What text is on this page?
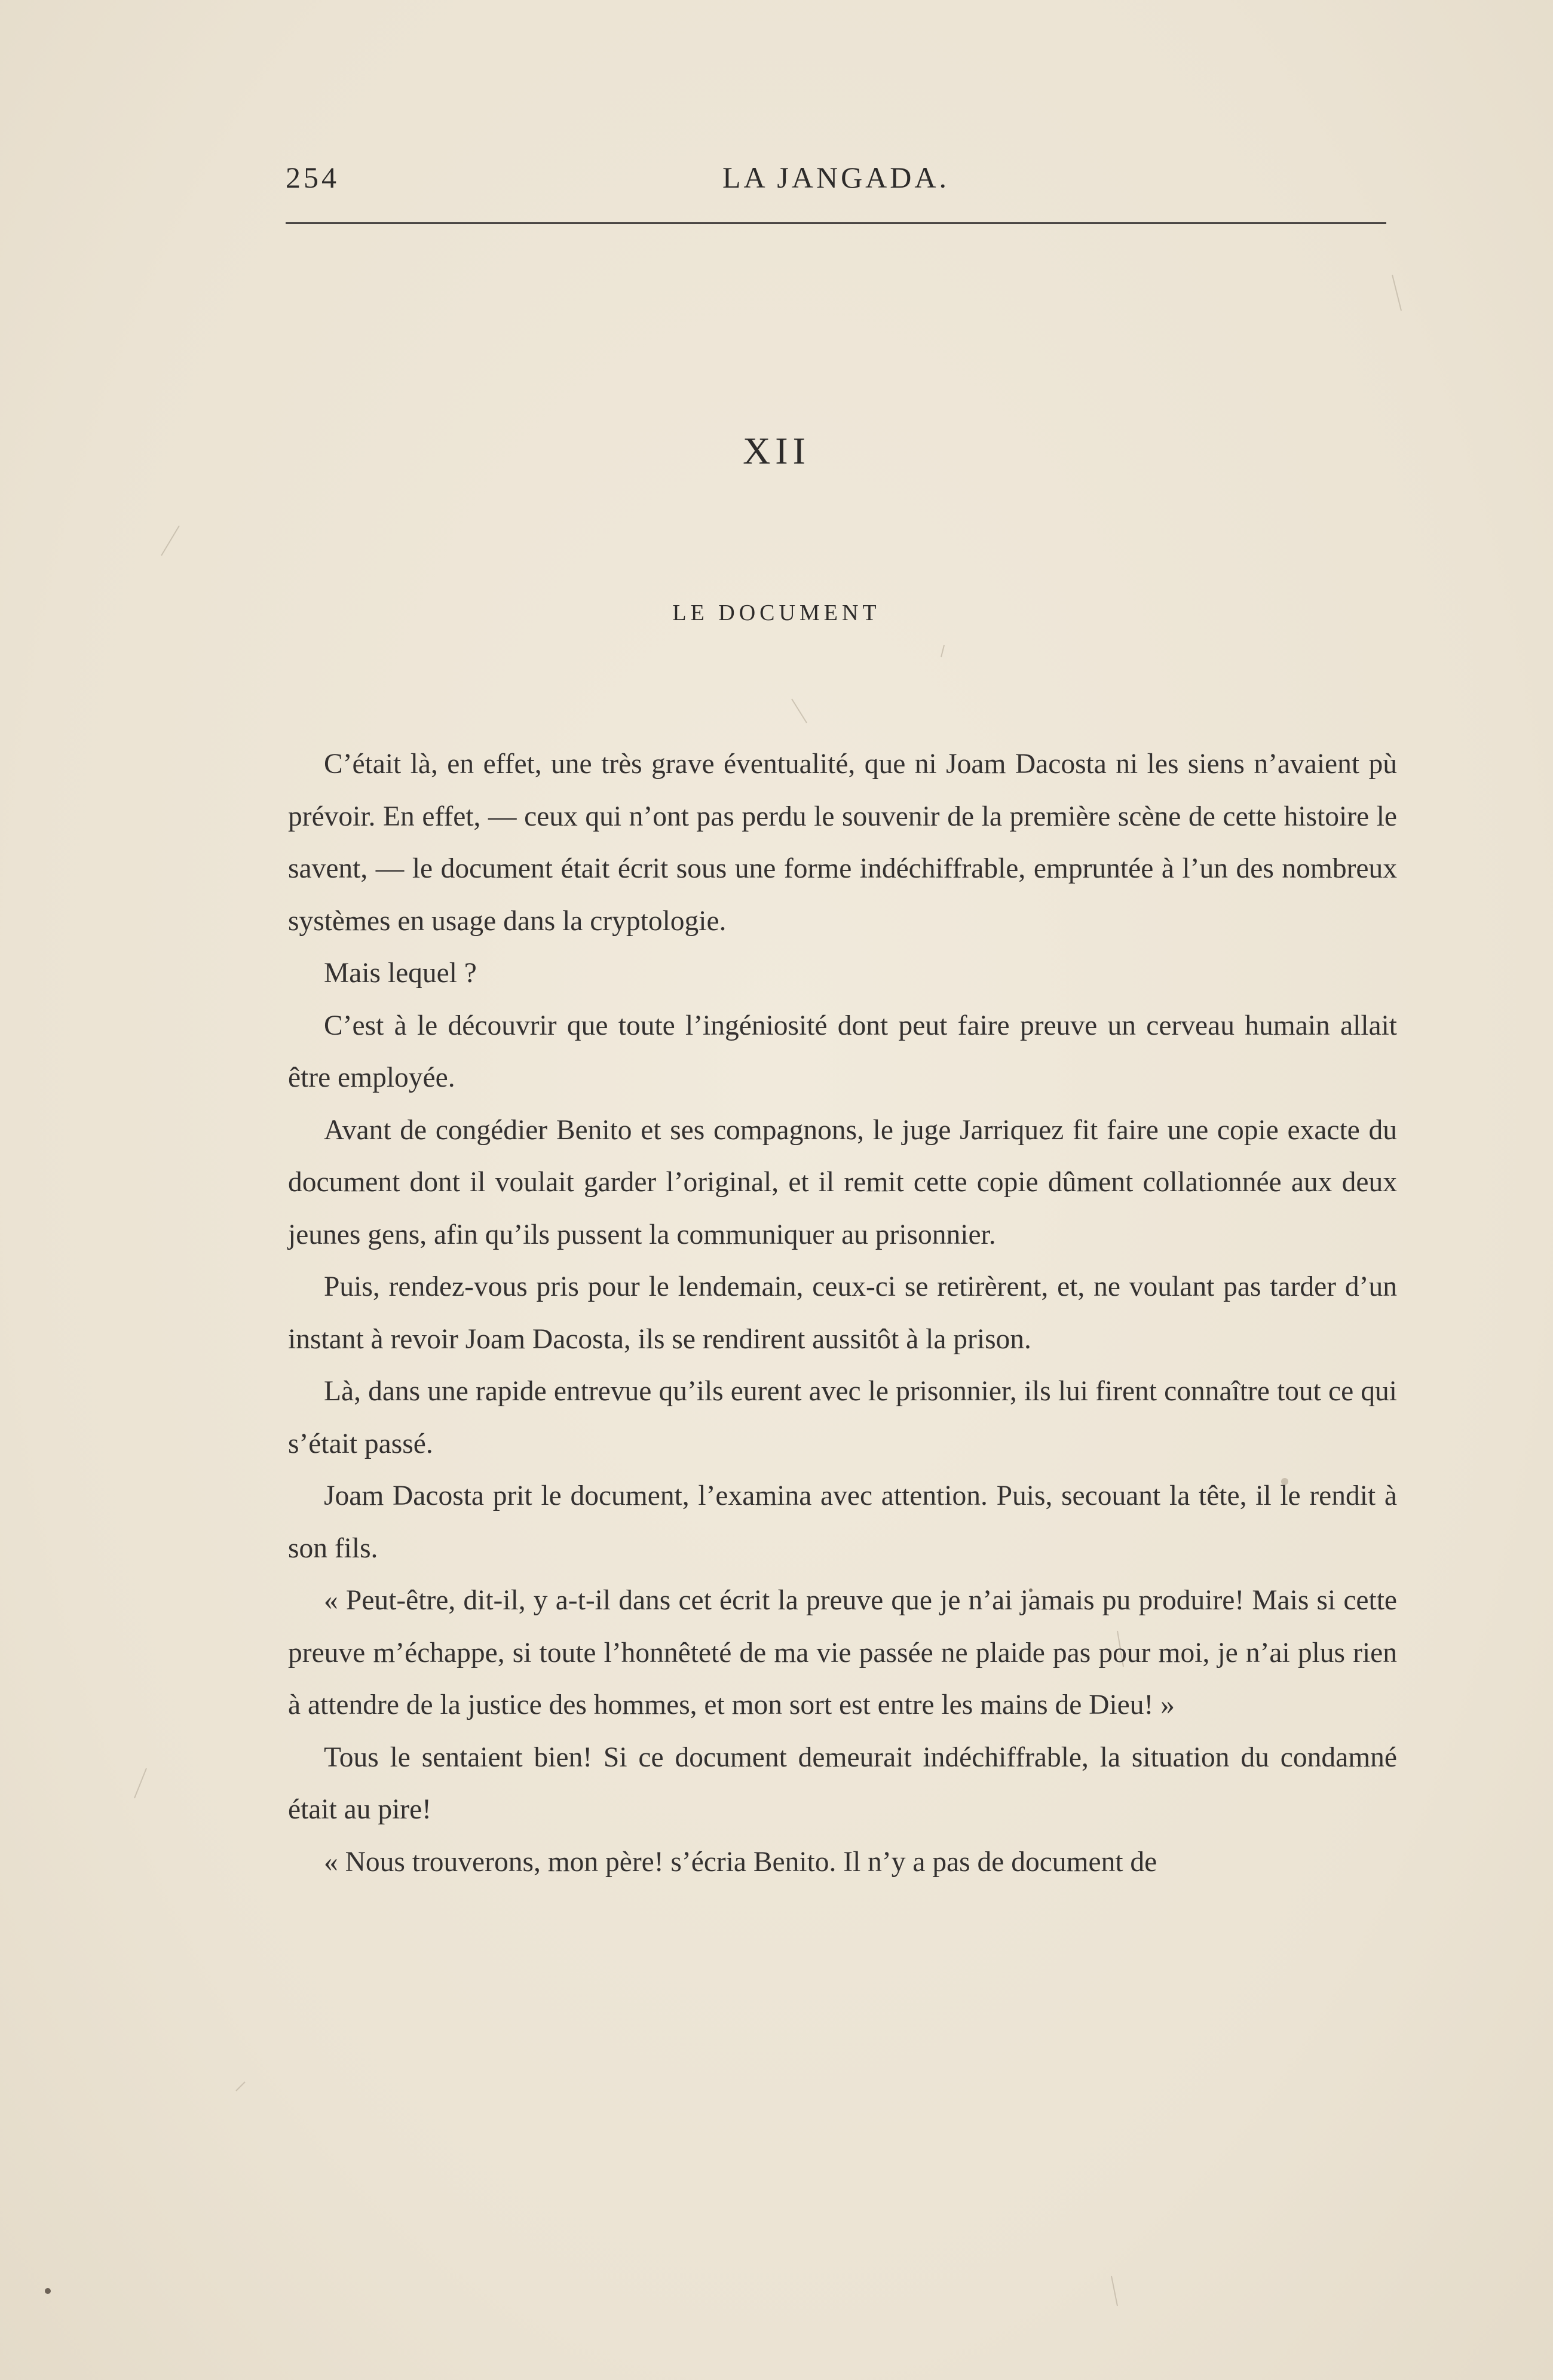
254	LA JANGADA.
XII
LE DOCUMENT

C’était là, en effet, une très grave éventualité, que ni Joam Dacosta ni les siens n’avaient pù prévoir. En effet, — ceux qui n’ont pas perdu le souvenir de la première scène de cette histoire le savent, — le document était écrit sous une forme indéchiffrable, empruntée à l’un des nombreux systèmes en usage dans la cryptologie.

Mais lequel ?

C’est à le découvrir que toute l’ingéniosité dont peut faire preuve un cerveau humain allait être employée.

Avant de congédier Benito et ses compagnons, le juge Jarriquez fit faire une copie exacte du document dont il voulait garder l’original, et il remit cette copie dûment collationnée aux deux jeunes gens, afin qu’ils pussent la communiquer au prisonnier.

Puis, rendez-vous pris pour le lendemain, ceux-ci se retirèrent, et, ne voulant pas tarder d’un instant à revoir Joam Dacosta, ils se rendirent aussitôt à la prison.

Là, dans une rapide entrevue qu’ils eurent avec le prisonnier, ils lui firent connaître tout ce qui s’était passé.

Joam Dacosta prit le document, l’examina avec attention. Puis, secouant la tête, il le rendit à son fils.

« Peut-être, dit-il, y a-t-il dans cet écrit la preuve que je n’ai jamais pu produire! Mais si cette preuve m’échappe, si toute l’honnêteté de ma vie passée ne plaide pas pour moi, je n’ai plus rien à attendre de la justice des hommes, et mon sort est entre les mains de Dieu! »

Tous le sentaient bien! Si ce document demeurait indéchiffrable, la situation du condamné était au pire!

« Nous trouverons, mon père! s’écria Benito. Il n’y a pas de document de
